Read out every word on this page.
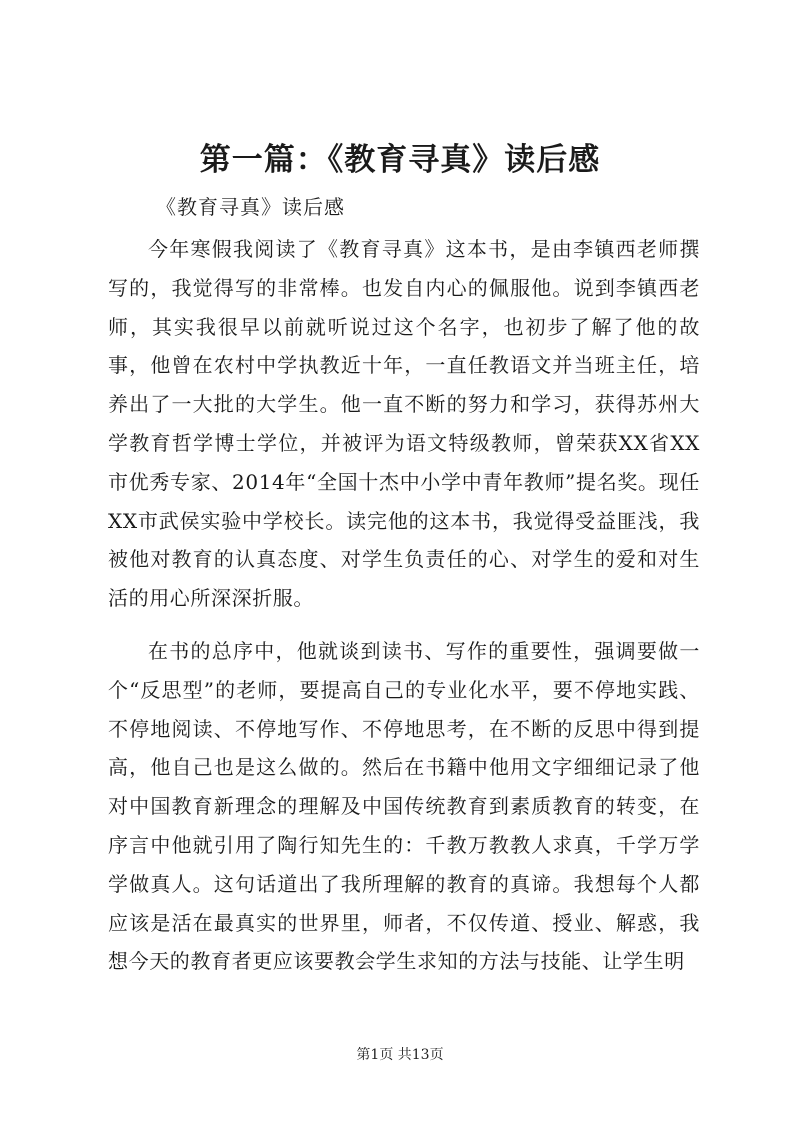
第一篇：《教育寻真》读后感

《教育寻真》读后感

今年寒假我阅读了《教育寻真》这本书，是由李镇西老师撰写的，我觉得写的非常棒。也发自内心的佩服他。说到李镇西老师，其实我很早以前就听说过这个名字，也初步了解了他的故事，他曾在农村中学执教近十年，一直任教语文并当班主任，培养出了一大批的大学生。他一直不断的努力和学习，获得苏州大学教育哲学博士学位，并被评为语文特级教师，曾荣获XX省XX市优秀专家、2014年“全国十杰中小学中青年教师”提名奖。现任XX市武侯实验中学校长。读完他的这本书，我觉得受益匪浅，我被他对教育的认真态度、对学生负责任的心、对学生的爱和对生活的用心所深深折服。

在书的总序中，他就谈到读书、写作的重要性，强调要做一个“反思型”的老师，要提高自己的专业化水平，要不停地实践、不停地阅读、不停地写作、不停地思考，在不断的反思中得到提高，他自己也是这么做的。然后在书籍中他用文字细细记录了他对中国教育新理念的理解及中国传统教育到素质教育的转变，在序言中他就引用了陶行知先生的：千教万教教人求真，千学万学学做真人。这句话道出了我所理解的教育的真谛。我想每个人都应该是活在最真实的世界里，师者，不仅传道、授业、解惑，我想今天的教育者更应该要教会学生求知的方法与技能、让学生明

第1页 共13页
